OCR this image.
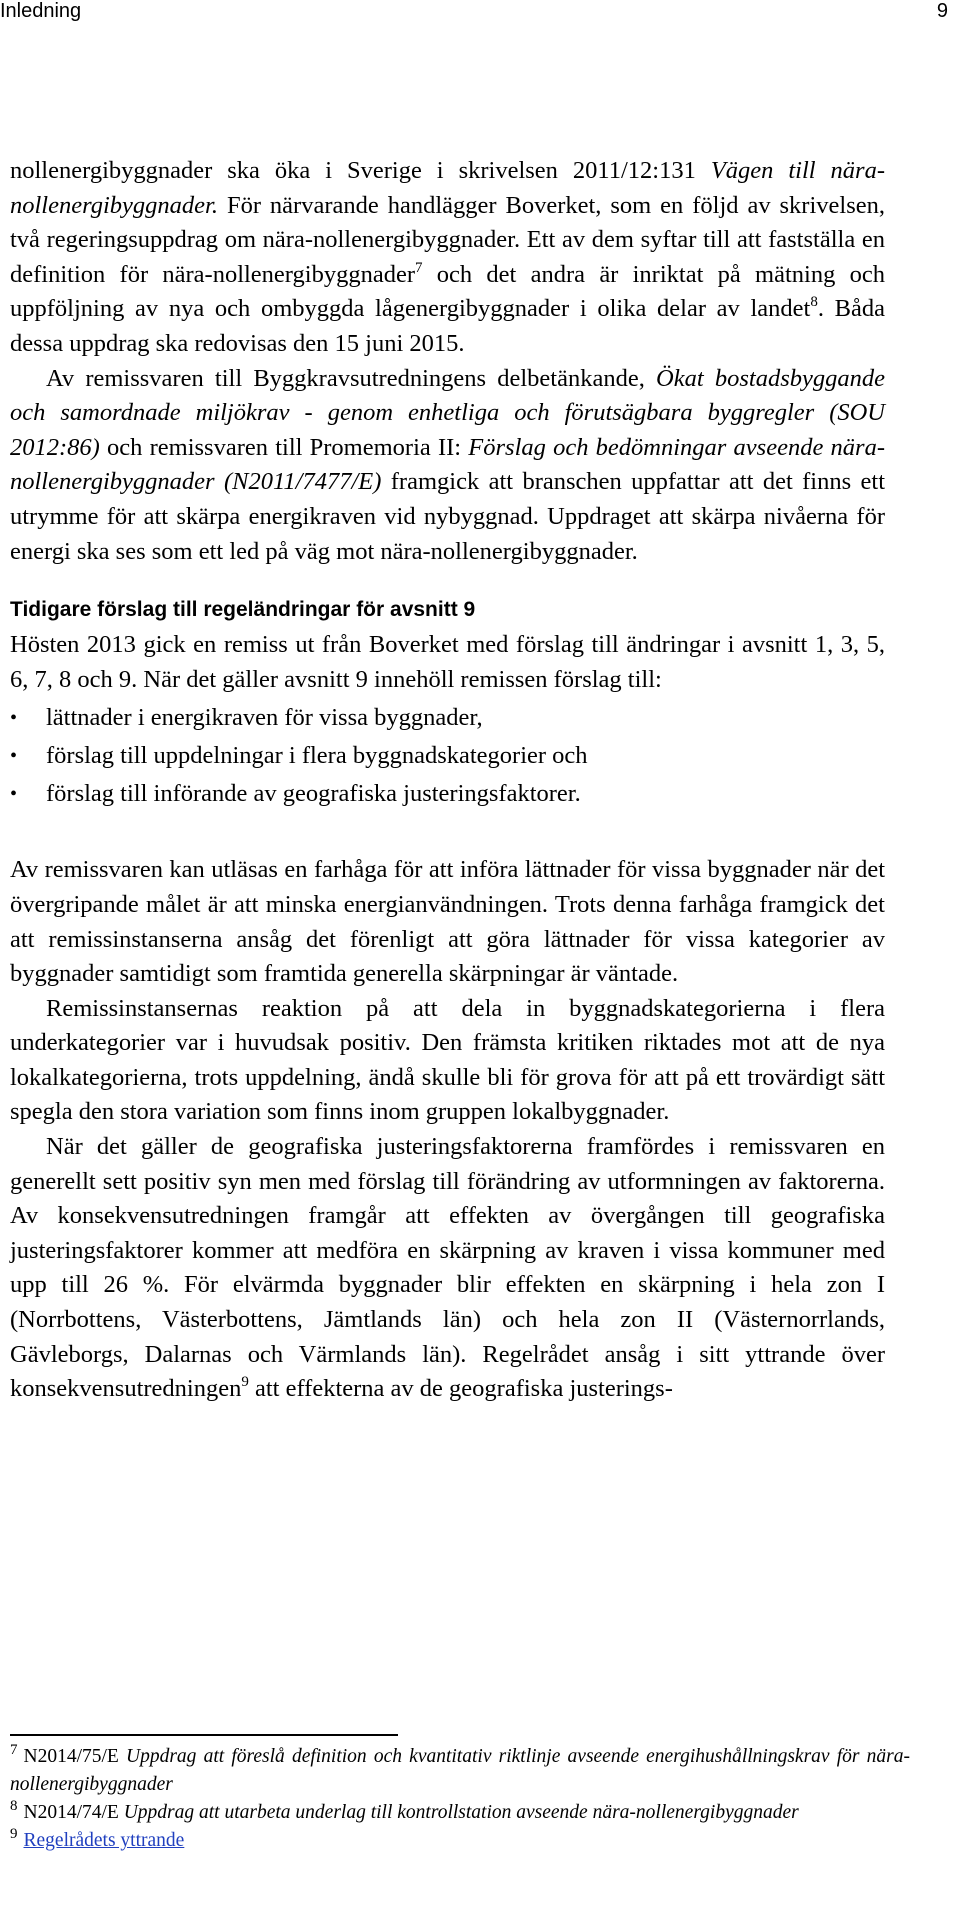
Inledning	9

nollenergibyggnader ska öka i Sverige i skrivelsen 2011/12:131 Vägen till nära-nollenergibyggnader. För närvarande handlägger Boverket, som en följd av skrivelsen, två regeringsuppdrag om nära-nollenergibyggnader. Ett av dem syftar till att fastställa en definition för nära-nollenergibyggnader$^7$ och det andra är inriktat på mätning och uppföljning av nya och ombyggda lågenergibyggnader i olika delar av landet$^8$. Båda dessa uppdrag ska redovisas den 15 juni 2015.

Av remissvaren till Byggkravsutredningens delbetänkande, Ökat bostadsbyggande och samordnade miljökrav - genom enhetliga och förutsägbara byggregler (SOU 2012:86) och remissvaren till Promemoria II: Förslag och bedömningar avseende nära-nollenergibyggnader (N2011/7477/E) framgick att branschen uppfattar att det finns ett utrymme för att skärpa energikraven vid nybyggnad. Uppdraget att skärpa nivåerna för energi ska ses som ett led på väg mot nära-nollenergibyggnader.

Tidigare förslag till regeländringar för avsnitt 9

Hösten 2013 gick en remiss ut från Boverket med förslag till ändringar i avsnitt 1, 3, 5, 6, 7, 8 och 9. När det gäller avsnitt 9 innehöll remissen förslag till:

• lättnader i energikraven för vissa byggnader,
• förslag till uppdelningar i flera byggnadskategorier och
• förslag till införande av geografiska justeringsfaktorer.

Av remissvaren kan utläsas en farhåga för att införa lättnader för vissa byggnader när det övergripande målet är att minska energianvändningen. Trots denna farhåga framgick det att remissinstanserna ansåg det förenligt att göra lättnader för vissa kategorier av byggnader samtidigt som framtida generella skärpningar är väntade.

Remissinstansernas reaktion på att dela in byggnadskategorierna i flera underkategorier var i huvudsak positiv. Den främsta kritiken riktades mot att de nya lokalkategorierna, trots uppdelning, ändå skulle bli för grova för att på ett trovärdigt sätt spegla den stora variation som finns inom gruppen lokalbyggnader.

När det gäller de geografiska justeringsfaktorerna framfördes i remissvaren en generellt sett positiv syn men med förslag till förändring av utformningen av faktorerna. Av konsekvensutredningen framgår att effekten av övergången till geografiska justeringsfaktorer kommer att medföra en skärpning av kraven i vissa kommuner med upp till 26 %. För elvärmda byggnader blir effekten en skärpning i hela zon I (Norrbottens, Västerbottens, Jämtlands län) och hela zon II (Västernorrlands, Gävleborgs, Dalarnas och Värmlands län). Regelrådet ansåg i sitt yttrande över konsekvensutredningen$^9$ att effekterna av de geografiska justerings-

$^7$ N2014/75/E Uppdrag att föreslå definition och kvantitativ riktlinje avseende energihushållningskrav för nära-nollenergibyggnader

$^8$ N2014/74/E Uppdrag att utarbeta underlag till kontrollstation avseende nära-nollenergibyggnader

$^9$ Regelrådets yttrande
